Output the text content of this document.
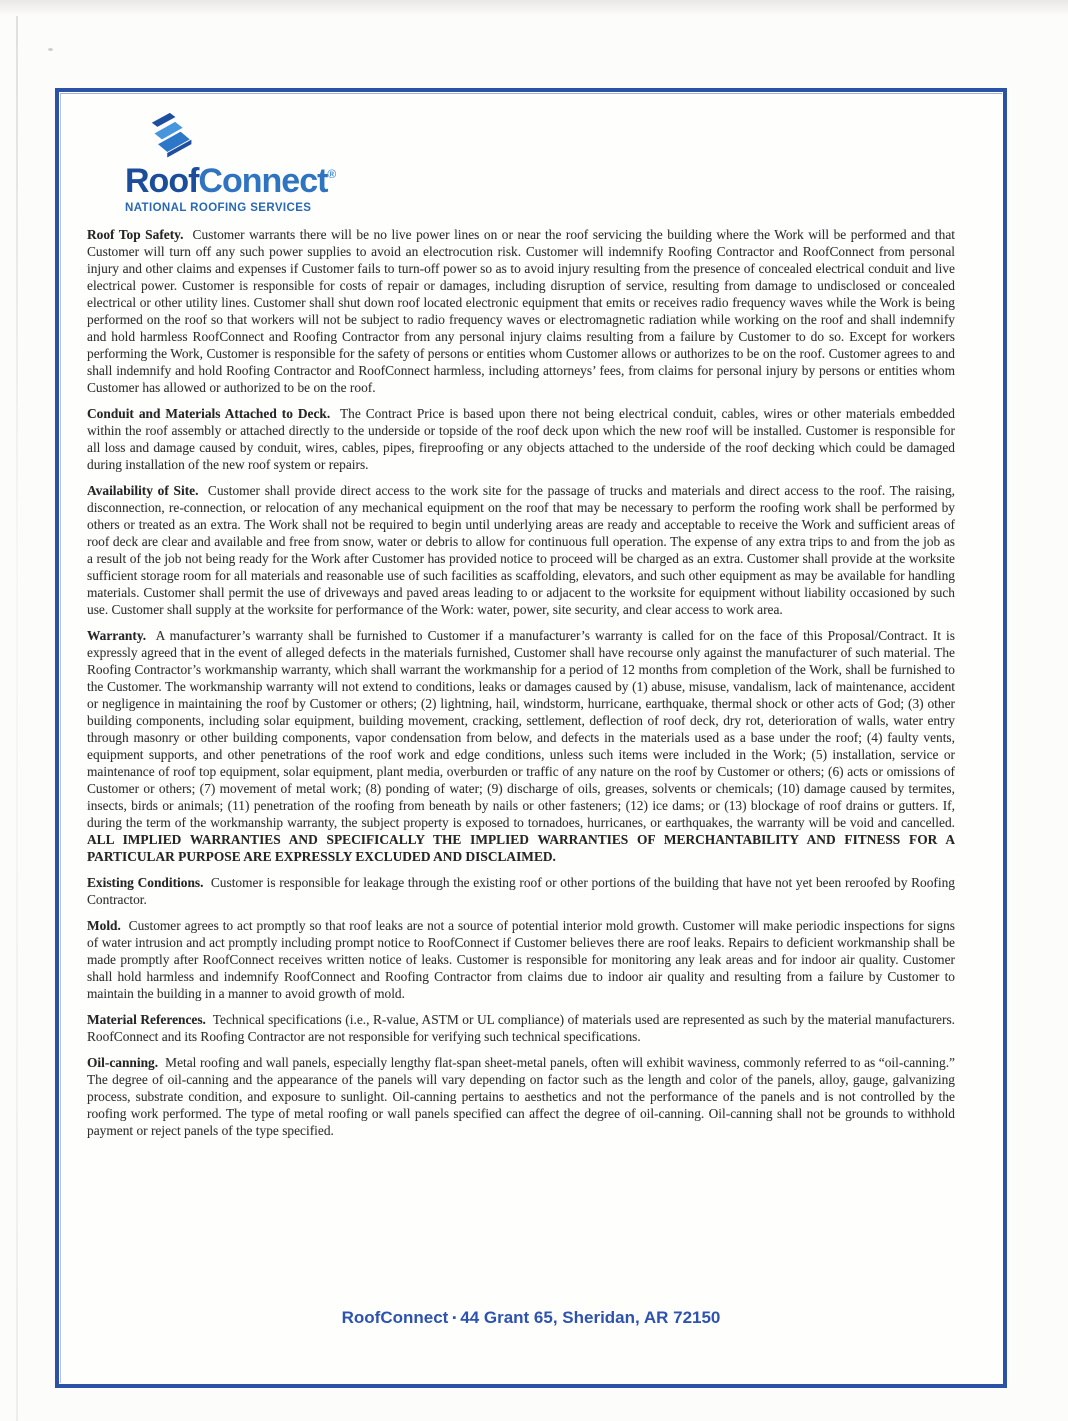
RoofConnect®
NATIONAL ROOFING SERVICES

Roof Top Safety.  Customer warrants there will be no live power lines on or near the roof servicing the building where the Work will be performed and that Customer will turn off any such power supplies to avoid an electrocution risk. Customer will indemnify Roofing Contractor and RoofConnect from personal injury and other claims and expenses if Customer fails to turn-off power so as to avoid injury resulting from the presence of concealed electrical conduit and live electrical power. Customer is responsible for costs of repair or damages, including disruption of service, resulting from damage to undisclosed or concealed electrical or other utility lines. Customer shall shut down roof located electronic equipment that emits or receives radio frequency waves while the Work is being performed on the roof so that workers will not be subject to radio frequency waves or electromagnetic radiation while working on the roof and shall indemnify and hold harmless RoofConnect and Roofing Contractor from any personal injury claims resulting from a failure by Customer to do so. Except for workers performing the Work, Customer is responsible for the safety of persons or entities whom Customer allows or authorizes to be on the roof. Customer agrees to and shall indemnify and hold Roofing Contractor and RoofConnect harmless, including attorneys’ fees, from claims for personal injury by persons or entities whom Customer has allowed or authorized to be on the roof.

Conduit and Materials Attached to Deck.  The Contract Price is based upon there not being electrical conduit, cables, wires or other materials embedded within the roof assembly or attached directly to the underside or topside of the roof deck upon which the new roof will be installed. Customer is responsible for all loss and damage caused by conduit, wires, cables, pipes, fireproofing or any objects attached to the underside of the roof decking which could be damaged during installation of the new roof system or repairs.

Availability of Site.  Customer shall provide direct access to the work site for the passage of trucks and materials and direct access to the roof. The raising, disconnection, re-connection, or relocation of any mechanical equipment on the roof that may be necessary to perform the roofing work shall be performed by others or treated as an extra. The Work shall not be required to begin until underlying areas are ready and acceptable to receive the Work and sufficient areas of roof deck are clear and available and free from snow, water or debris to allow for continuous full operation. The expense of any extra trips to and from the job as a result of the job not being ready for the Work after Customer has provided notice to proceed will be charged as an extra. Customer shall provide at the worksite sufficient storage room for all materials and reasonable use of such facilities as scaffolding, elevators, and such other equipment as may be available for handling materials. Customer shall permit the use of driveways and paved areas leading to or adjacent to the worksite for equipment without liability occasioned by such use. Customer shall supply at the worksite for performance of the Work: water, power, site security, and clear access to work area.

Warranty.  A manufacturer’s warranty shall be furnished to Customer if a manufacturer’s warranty is called for on the face of this Proposal/Contract. It is expressly agreed that in the event of alleged defects in the materials furnished, Customer shall have recourse only against the manufacturer of such material. The Roofing Contractor’s workmanship warranty, which shall warrant the workmanship for a period of 12 months from completion of the Work, shall be furnished to the Customer. The workmanship warranty will not extend to conditions, leaks or damages caused by (1) abuse, misuse, vandalism, lack of maintenance, accident or negligence in maintaining the roof by Customer or others; (2) lightning, hail, windstorm, hurricane, earthquake, thermal shock or other acts of God; (3) other building components, including solar equipment, building movement, cracking, settlement, deflection of roof deck, dry rot, deterioration of walls, water entry through masonry or other building components, vapor condensation from below, and defects in the materials used as a base under the roof; (4) faulty vents, equipment supports, and other penetrations of the roof work and edge conditions, unless such items were included in the Work; (5) installation, service or maintenance of roof top equipment, solar equipment, plant media, overburden or traffic of any nature on the roof by Customer or others; (6) acts or omissions of Customer or others; (7) movement of metal work; (8) ponding of water; (9) discharge of oils, greases, solvents or chemicals; (10) damage caused by termites, insects, birds or animals; (11) penetration of the roofing from beneath by nails or other fasteners; (12) ice dams; or (13) blockage of roof drains or gutters. If, during the term of the workmanship warranty, the subject property is exposed to tornadoes, hurricanes, or earthquakes, the warranty will be void and cancelled. ALL IMPLIED WARRANTIES AND SPECIFICALLY THE IMPLIED WARRANTIES OF MERCHANTABILITY AND FITNESS FOR A PARTICULAR PURPOSE ARE EXPRESSLY EXCLUDED AND DISCLAIMED.

Existing Conditions.  Customer is responsible for leakage through the existing roof or other portions of the building that have not yet been reroofed by Roofing Contractor.

Mold.  Customer agrees to act promptly so that roof leaks are not a source of potential interior mold growth. Customer will make periodic inspections for signs of water intrusion and act promptly including prompt notice to RoofConnect if Customer believes there are roof leaks. Repairs to deficient workmanship shall be made promptly after RoofConnect receives written notice of leaks. Customer is responsible for monitoring any leak areas and for indoor air quality. Customer shall hold harmless and indemnify RoofConnect and Roofing Contractor from claims due to indoor air quality and resulting from a failure by Customer to maintain the building in a manner to avoid growth of mold.

Material References.  Technical specifications (i.e., R-value, ASTM or UL compliance) of materials used are represented as such by the material manufacturers. RoofConnect and its Roofing Contractor are not responsible for verifying such technical specifications.

Oil-canning.  Metal roofing and wall panels, especially lengthy flat-span sheet-metal panels, often will exhibit waviness, commonly referred to as “oil-canning.” The degree of oil-canning and the appearance of the panels will vary depending on factor such as the length and color of the panels, alloy, gauge, galvanizing process, substrate condition, and exposure to sunlight. Oil-canning pertains to aesthetics and not the performance of the panels and is not controlled by the roofing work performed. The type of metal roofing or wall panels specified can affect the degree of oil-canning. Oil-canning shall not be grounds to withhold payment or reject panels of the type specified.

RoofConnect ▪ 44 Grant 65, Sheridan, AR 72150
